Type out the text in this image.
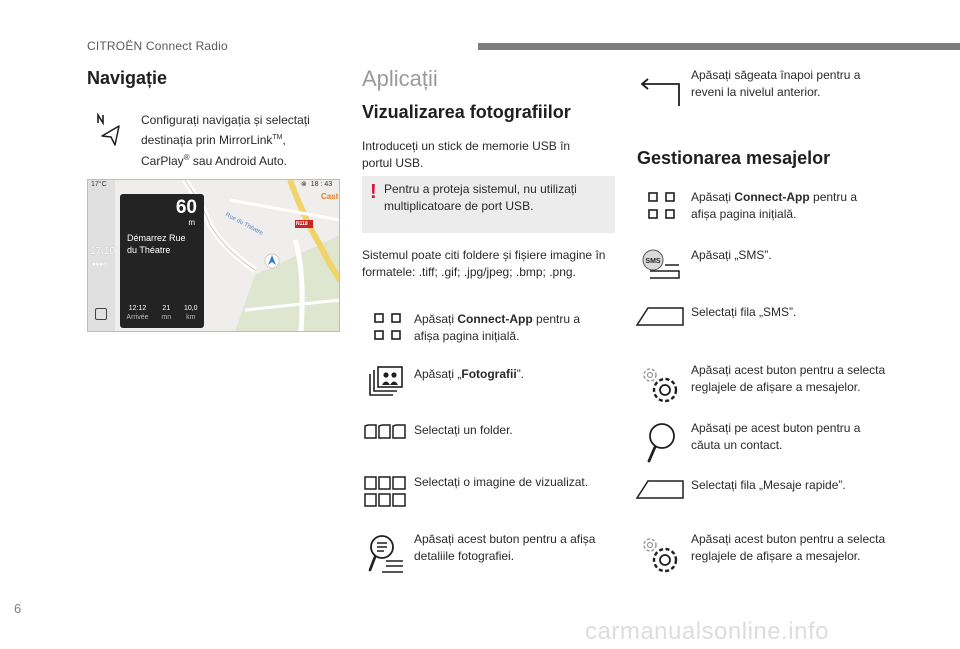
CITROËN Connect Radio
Navigație
Configurați navigația și selectați
destinația prin MirrorLink™,
CarPlay® sau Android Auto.
17°C
17:10
●●●○
Rue du Théatre	N118
Cast
⊗ 18 : 43
60
m
Démarrez Rue
du Théatre
12:12
Arrivée
21
mn
10,0
km
Aplicații
Vizualizarea fotografiilor
Introduceți un stick de memorie USB în
portul USB.
! Pentru a proteja sistemul, nu utilizați
multiplicatoare de port USB.
Sistemul poate citi foldere și fișiere imagine în
formatele: .tiff; .gif; .jpg/jpeg; .bmp; .png.
Apăsați Connect-App pentru a
afișa pagina inițială.
Apăsați „Fotografii”.
Selectați un folder.
Selectați o imagine de vizualizat.
Apăsați acest buton pentru a afișa
detaliile fotografiei.
Apăsați săgeata înapoi pentru a
reveni la nivelul anterior.
Gestionarea mesajelor
Apăsați Connect-App pentru a
afișa pagina inițială.
SMS	Apăsați „SMS”.
Selectați fila „SMS”.
Apăsați acest buton pentru a selecta
reglajele de afișare a mesajelor.
Apăsați pe acest buton pentru a
căuta un contact.
Selectați fila „Mesaje rapide”.
Apăsați acest buton pentru a selecta
reglajele de afișare a mesajelor.
6
carmanualsonline.info
